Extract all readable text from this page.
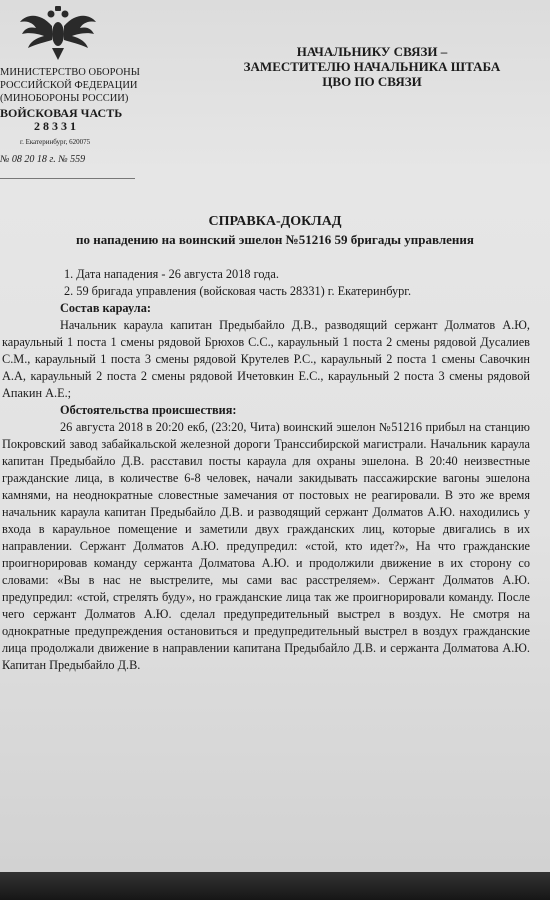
МИНИСТЕРСТВО ОБОРОНЫ
РОССИЙСКОЙ ФЕДЕРАЦИИ
(МИНОБОРОНЫ РОССИИ)
ВОЙСКОВАЯ ЧАСТЬ
28331
г. Екатеринбург, 620075
№ 08 20 18 г. № 559
НАЧАЛЬНИКУ СВЯЗИ –
ЗАМЕСТИТЕЛЮ НАЧАЛЬНИКА ШТАБА
ЦВО ПО СВЯЗИ
СПРАВКА-ДОКЛАД
по нападению на воинский эшелон №51216 59 бригады управления
1. Дата нападения - 26 августа 2018 года.
2. 59 бригада управления (войсковая часть 28331) г. Екатеринбург.
Состав караула:
Начальник караула капитан Предыбайло Д.В., разводящий сержант Долматов А.Ю, караульный 1 поста 1 смены рядовой Брюхов С.С., караульный 1 поста 2 смены рядовой Дусалиев С.М., караульный 1 поста 3 смены рядовой Крутелев Р.С., караульный 2 поста 1 смены Савочкин А.А, караульный 2 поста 2 смены рядовой Ичетовкин Е.С., караульный 2 поста 3 смены рядовой Апакин А.Е.;
Обстоятельства происшествия:
26 августа 2018 в 20:20 екб, (23:20, Чита) воинский эшелон №51216 прибыл на станцию Покровский завод забайкальской железной дороги Транссибирской магистрали. Начальник караула капитан Предыбайло Д.В. расставил посты караула для охраны эшелона. В 20:40 неизвестные гражданские лица, в количестве 6-8 человек, начали закидывать пассажирские вагоны эшелона камнями, на неоднократные словестные замечания от постовых не реагировали. В это же время начальник караула капитан Предыбайло Д.В. и разводящий сержант Долматов А.Ю. находились у входа в караульное помещение и заметили двух гражданских лиц, которые двигались в их направлении. Сержант Долматов А.Ю. предупредил: «стой, кто идет?», На что гражданские проигнорировав команду сержанта Долматова А.Ю. и продолжили движение в их сторону со словами: «Вы в нас не выстрелите, мы сами вас расстреляем». Сержант Долматов А.Ю. предупредил: «стой, стрелять буду», но гражданские лица так же проигнорировали команду. После чего сержант Долматов А.Ю. сделал предупредительный выстрел в воздух. Не смотря на однократные предупреждения остановиться и предупредительный выстрел в воздух гражданские лица продолжали движение в направлении капитана Предыбайло Д.В. и сержанта Долматова А.Ю. Капитан Предыбайло Д.В.
